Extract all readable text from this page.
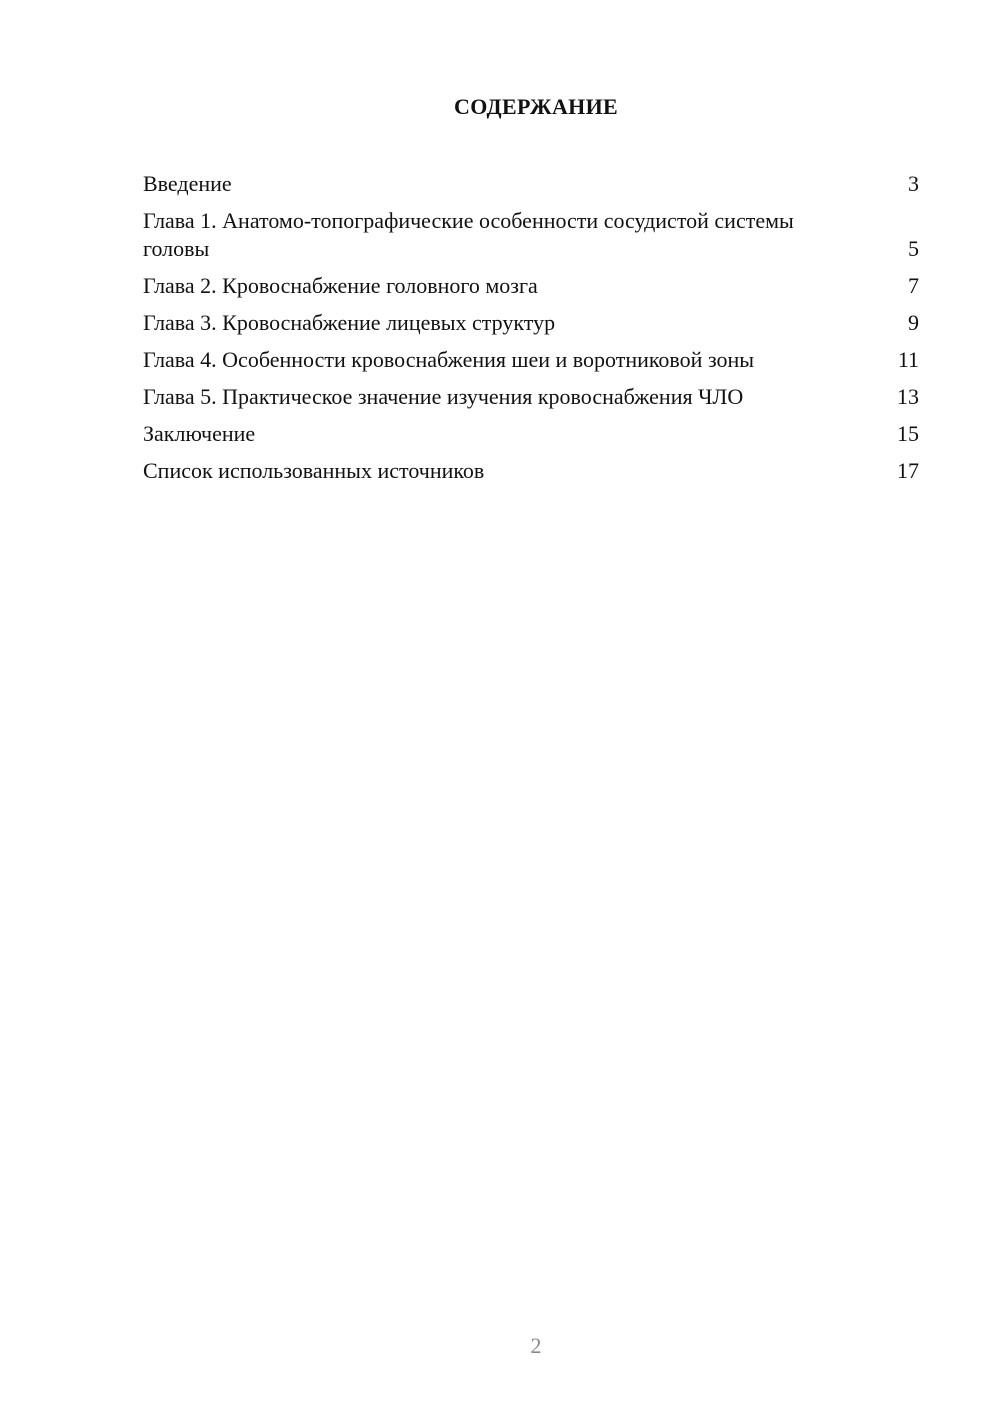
СОДЕРЖАНИЕ
Введение	3
Глава 1. Анатомо-топографические особенности сосудистой системы головы	5
Глава 2. Кровоснабжение головного мозга	7
Глава 3. Кровоснабжение лицевых структур	9
Глава 4. Особенности кровоснабжения шеи и воротниковой зоны	11
Глава 5. Практическое значение изучения кровоснабжения ЧЛО	13
Заключение	15
Список использованных источников	17
2
